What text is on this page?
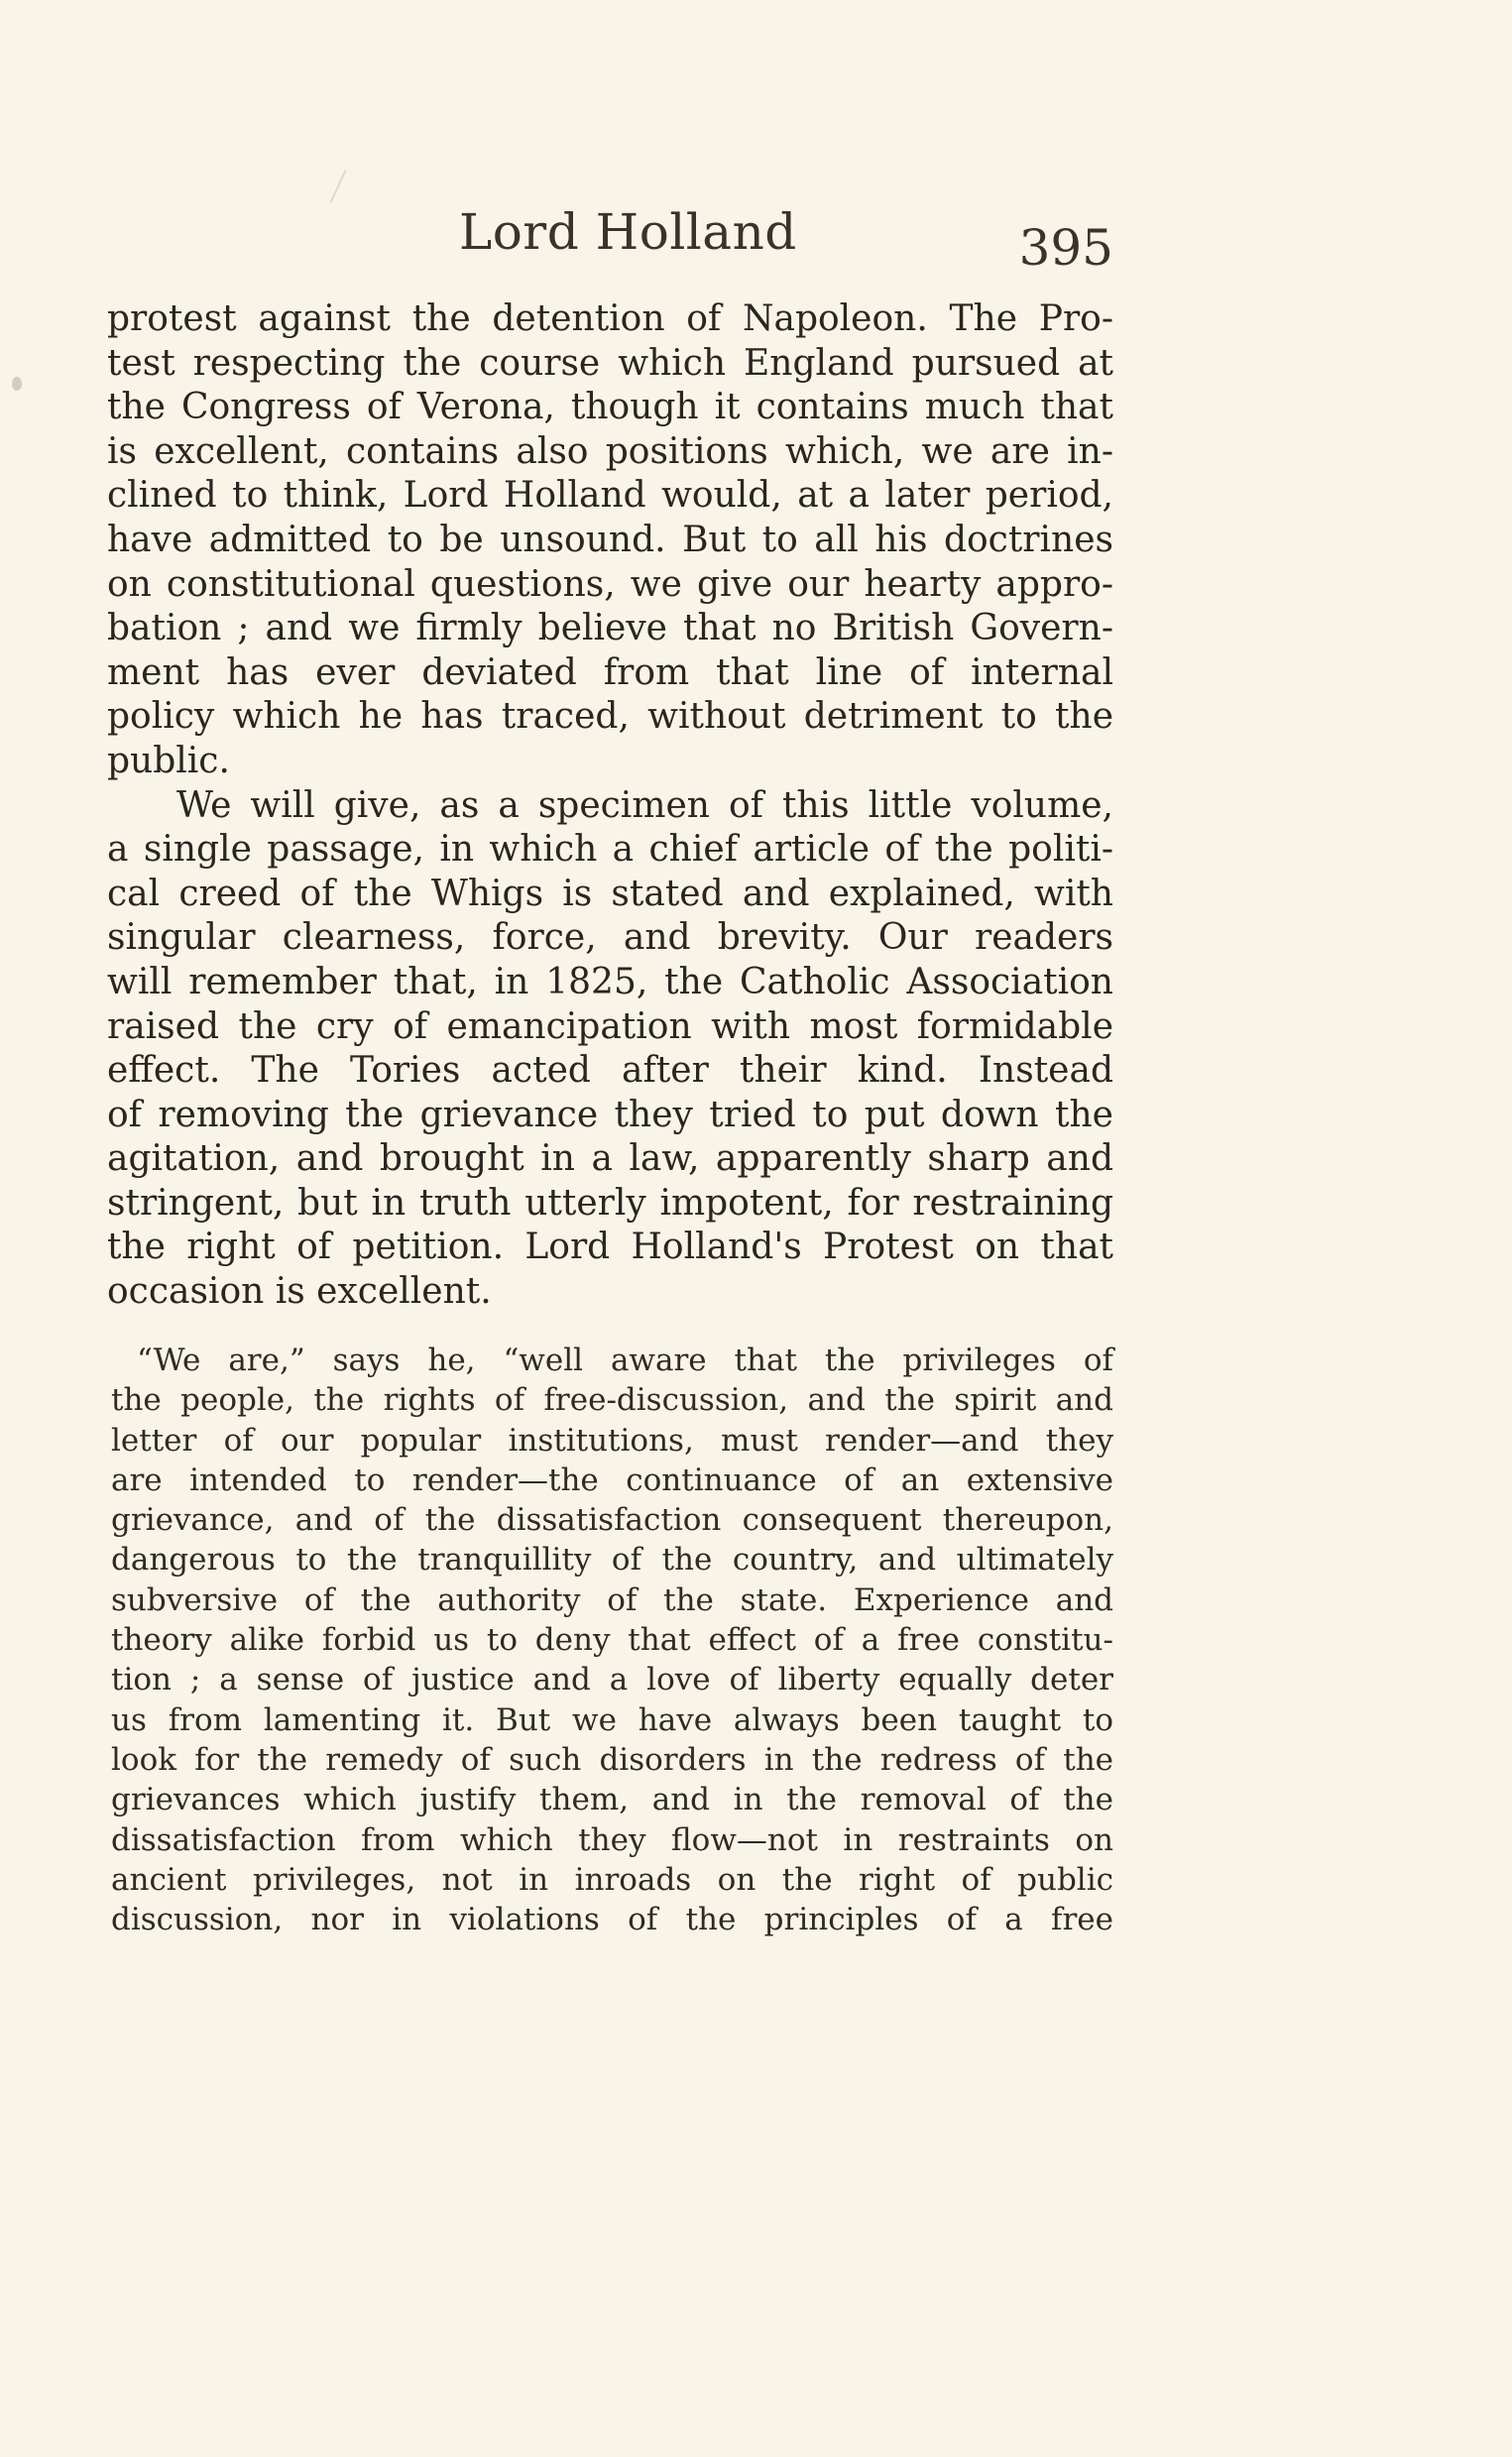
Lord Holland	395
protest against the detention of Napoleon. The Pro-
test respecting the course which England pursued at
the Congress of Verona, though it contains much that
is excellent, contains also positions which, we are in-
clined to think, Lord Holland would, at a later period,
have admitted to be unsound. But to all his doctrines
on constitutional questions, we give our hearty appro-
bation ; and we firmly believe that no British Govern-
ment has ever deviated from that line of internal
policy which he has traced, without detriment to the
public.
We will give, as a specimen of this little volume,
a single passage, in which a chief article of the politi-
cal creed of the Whigs is stated and explained, with
singular clearness, force, and brevity. Our readers
will remember that, in 1825, the Catholic Association
raised the cry of emancipation with most formidable
effect. The Tories acted after their kind. Instead
of removing the grievance they tried to put down the
agitation, and brought in a law, apparently sharp and
stringent, but in truth utterly impotent, for restraining
the right of petition. Lord Holland's Protest on that
occasion is excellent.
“We are,” says he, “well aware that the privileges of
the people, the rights of free-discussion, and the spirit and
letter of our popular institutions, must render—and they
are intended to render—the continuance of an extensive
grievance, and of the dissatisfaction consequent thereupon,
dangerous to the tranquillity of the country, and ultimately
subversive of the authority of the state. Experience and
theory alike forbid us to deny that effect of a free constitu-
tion ; a sense of justice and a love of liberty equally deter
us from lamenting it. But we have always been taught to
look for the remedy of such disorders in the redress of the
grievances which justify them, and in the removal of the
dissatisfaction from which they flow—not in restraints on
ancient privileges, not in inroads on the right of public
discussion, nor in violations of the principles of a free
